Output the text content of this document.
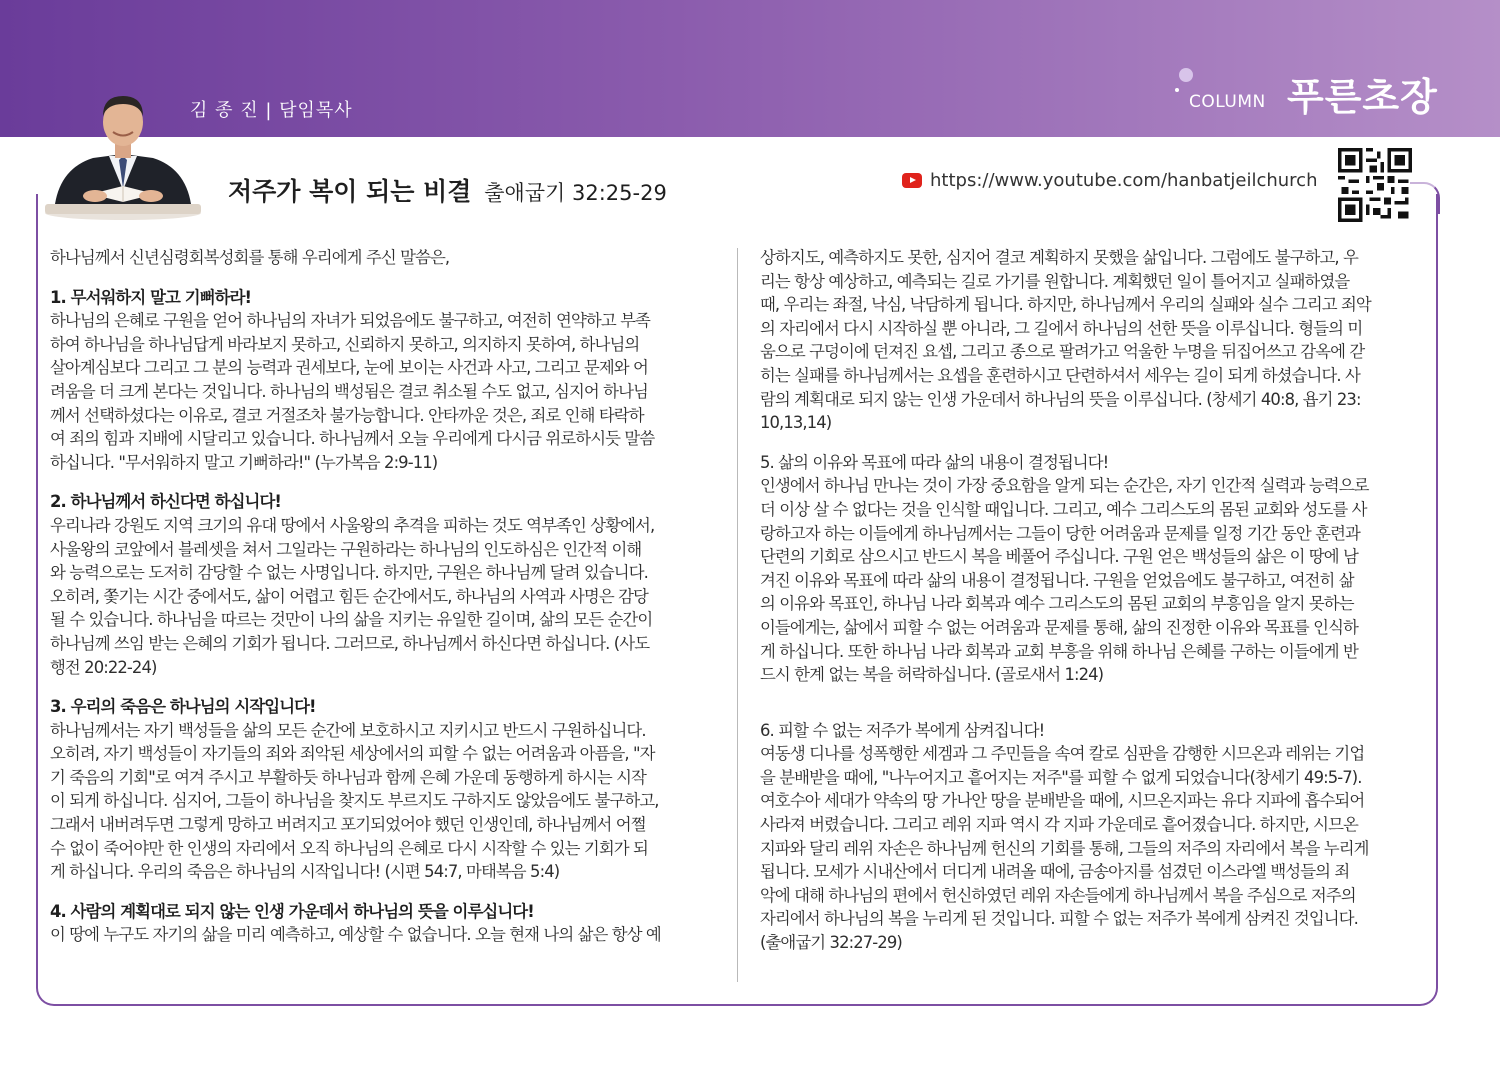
김 종 진 | 담임목사	COLUMN 푸른초장
저주가 복이 되는 비결 출애굽기 32:25-29
https://www.youtube.com/hanbatjeilchurch

하나님께서 신년심령회복성회를 통해 우리에게 주신 말씀은,

1. 무서워하지 말고 기뻐하라!

하나님의 은혜로 구원을 얻어 하나님의 자녀가 되었음에도 불구하고, 여전히 연약하고 부족

하여 하나님을 하나님답게 바라보지 못하고, 신뢰하지 못하고, 의지하지 못하여, 하나님의

살아계심보다 그리고 그 분의 능력과 권세보다, 눈에 보이는 사건과 사고, 그리고 문제와 어

려움을 더 크게 본다는 것입니다. 하나님의 백성됨은 결코 취소될 수도 없고, 심지어 하나님

께서 선택하셨다는 이유로, 결코 거절조차 불가능합니다. 안타까운 것은, 죄로 인해 타락하

여 죄의 힘과 지배에 시달리고 있습니다. 하나님께서 오늘 우리에게 다시금 위로하시듯 말씀

하십니다. "무서워하지 말고 기뻐하라!" (누가복음 2:9-11)

2. 하나님께서 하신다면 하십니다!

우리나라 강원도 지역 크기의 유대 땅에서 사울왕의 추격을 피하는 것도 역부족인 상황에서,

사울왕의 코앞에서 블레셋을 쳐서 그일라는 구원하라는 하나님의 인도하심은 인간적 이해

와 능력으로는 도저히 감당할 수 없는 사명입니다. 하지만, 구원은 하나님께 달려 있습니다.

오히려, 쫓기는 시간 중에서도, 삶이 어렵고 힘든 순간에서도, 하나님의 사역과 사명은 감당

될 수 있습니다. 하나님을 따르는 것만이 나의 삶을 지키는 유일한 길이며, 삶의 모든 순간이

하나님께 쓰임 받는 은혜의 기회가 됩니다. 그러므로, 하나님께서 하신다면 하십니다. (사도

행전 20:22-24)

3. 우리의 죽음은 하나님의 시작입니다!

하나님께서는 자기 백성들을 삶의 모든 순간에 보호하시고 지키시고 반드시 구원하십니다.

오히려, 자기 백성들이 자기들의 죄와 죄악된 세상에서의 피할 수 없는 어려움과 아픔을, "자

기 죽음의 기회"로 여겨 주시고 부활하듯 하나님과 함께 은혜 가운데 동행하게 하시는 시작

이 되게 하십니다. 심지어, 그들이 하나님을 찾지도 부르지도 구하지도 않았음에도 불구하고,

그래서 내버려두면 그렇게 망하고 버려지고 포기되었어야 했던 인생인데, 하나님께서 어쩔

수 없이 죽어야만 한 인생의 자리에서 오직 하나님의 은혜로 다시 시작할 수 있는 기회가 되

게 하십니다. 우리의 죽음은 하나님의 시작입니다! (시편 54:7, 마태복음 5:4)

4. 사람의 계획대로 되지 않는 인생 가운데서 하나님의 뜻을 이루십니다!

이 땅에 누구도 자기의 삶을 미리 예측하고, 예상할 수 없습니다. 오늘 현재 나의 삶은 항상 예

상하지도, 예측하지도 못한, 심지어 결코 계획하지 못했을 삶입니다. 그럼에도 불구하고, 우

리는 항상 예상하고, 예측되는 길로 가기를 원합니다. 계획했던 일이 틀어지고 실패하였을

때, 우리는 좌절, 낙심, 낙담하게 됩니다. 하지만, 하나님께서 우리의 실패와 실수 그리고 죄악

의 자리에서 다시 시작하실 뿐 아니라, 그 길에서 하나님의 선한 뜻을 이루십니다. 형들의 미

움으로 구덩이에 던져진 요셉, 그리고 종으로 팔려가고 억울한 누명을 뒤집어쓰고 감옥에 갇

히는 실패를 하나님께서는 요셉을 훈련하시고 단련하셔서 세우는 길이 되게 하셨습니다. 사

람의 계획대로 되지 않는 인생 가운데서 하나님의 뜻을 이루십니다. (창세기 40:8, 욥기 23:

10,13,14)

5. 삶의 이유와 목표에 따라 삶의 내용이 결정됩니다!

인생에서 하나님 만나는 것이 가장 중요함을 알게 되는 순간은, 자기 인간적 실력과 능력으로

더 이상 살 수 없다는 것을 인식할 때입니다. 그리고, 예수 그리스도의 몸된 교회와 성도를 사

랑하고자 하는 이들에게 하나님께서는 그들이 당한 어려움과 문제를 일정 기간 동안 훈련과

단련의 기회로 삼으시고 반드시 복을 베풀어 주십니다. 구원 얻은 백성들의 삶은 이 땅에 남

겨진 이유와 목표에 따라 삶의 내용이 결정됩니다. 구원을 얻었음에도 불구하고, 여전히 삶

의 이유와 목표인, 하나님 나라 회복과 예수 그리스도의 몸된 교회의 부흥임을 알지 못하는

이들에게는, 삶에서 피할 수 없는 어려움과 문제를 통해, 삶의 진정한 이유와 목표를 인식하

게 하십니다. 또한 하나님 나라 회복과 교회 부흥을 위해 하나님 은혜를 구하는 이들에게 반

드시 한계 없는 복을 허락하십니다. (골로새서 1:24)

6. 피할 수 없는 저주가 복에게 삼켜집니다!

여동생 디나를 성폭행한 세겜과 그 주민들을 속여 칼로 심판을 감행한 시므온과 레위는 기업

을 분배받을 때에, "나누어지고 흩어지는 저주"를 피할 수 없게 되었습니다(창세기 49:5-7).

여호수아 세대가 약속의 땅 가나안 땅을 분배받을 때에, 시므온지파는 유다 지파에 흡수되어

사라져 버렸습니다. 그리고 레위 지파 역시 각 지파 가운데로 흩어졌습니다. 하지만, 시므온

지파와 달리 레위 자손은 하나님께 헌신의 기회를 통해, 그들의 저주의 자리에서 복을 누리게

됩니다. 모세가 시내산에서 더디게 내려올 때에, 금송아지를 섬겼던 이스라엘 백성들의 죄

악에 대해 하나님의 편에서 헌신하였던 레위 자손들에게 하나님께서 복을 주심으로 저주의

자리에서 하나님의 복을 누리게 된 것입니다. 피할 수 없는 저주가 복에게 삼켜진 것입니다.

(출애굽기 32:27-29)
